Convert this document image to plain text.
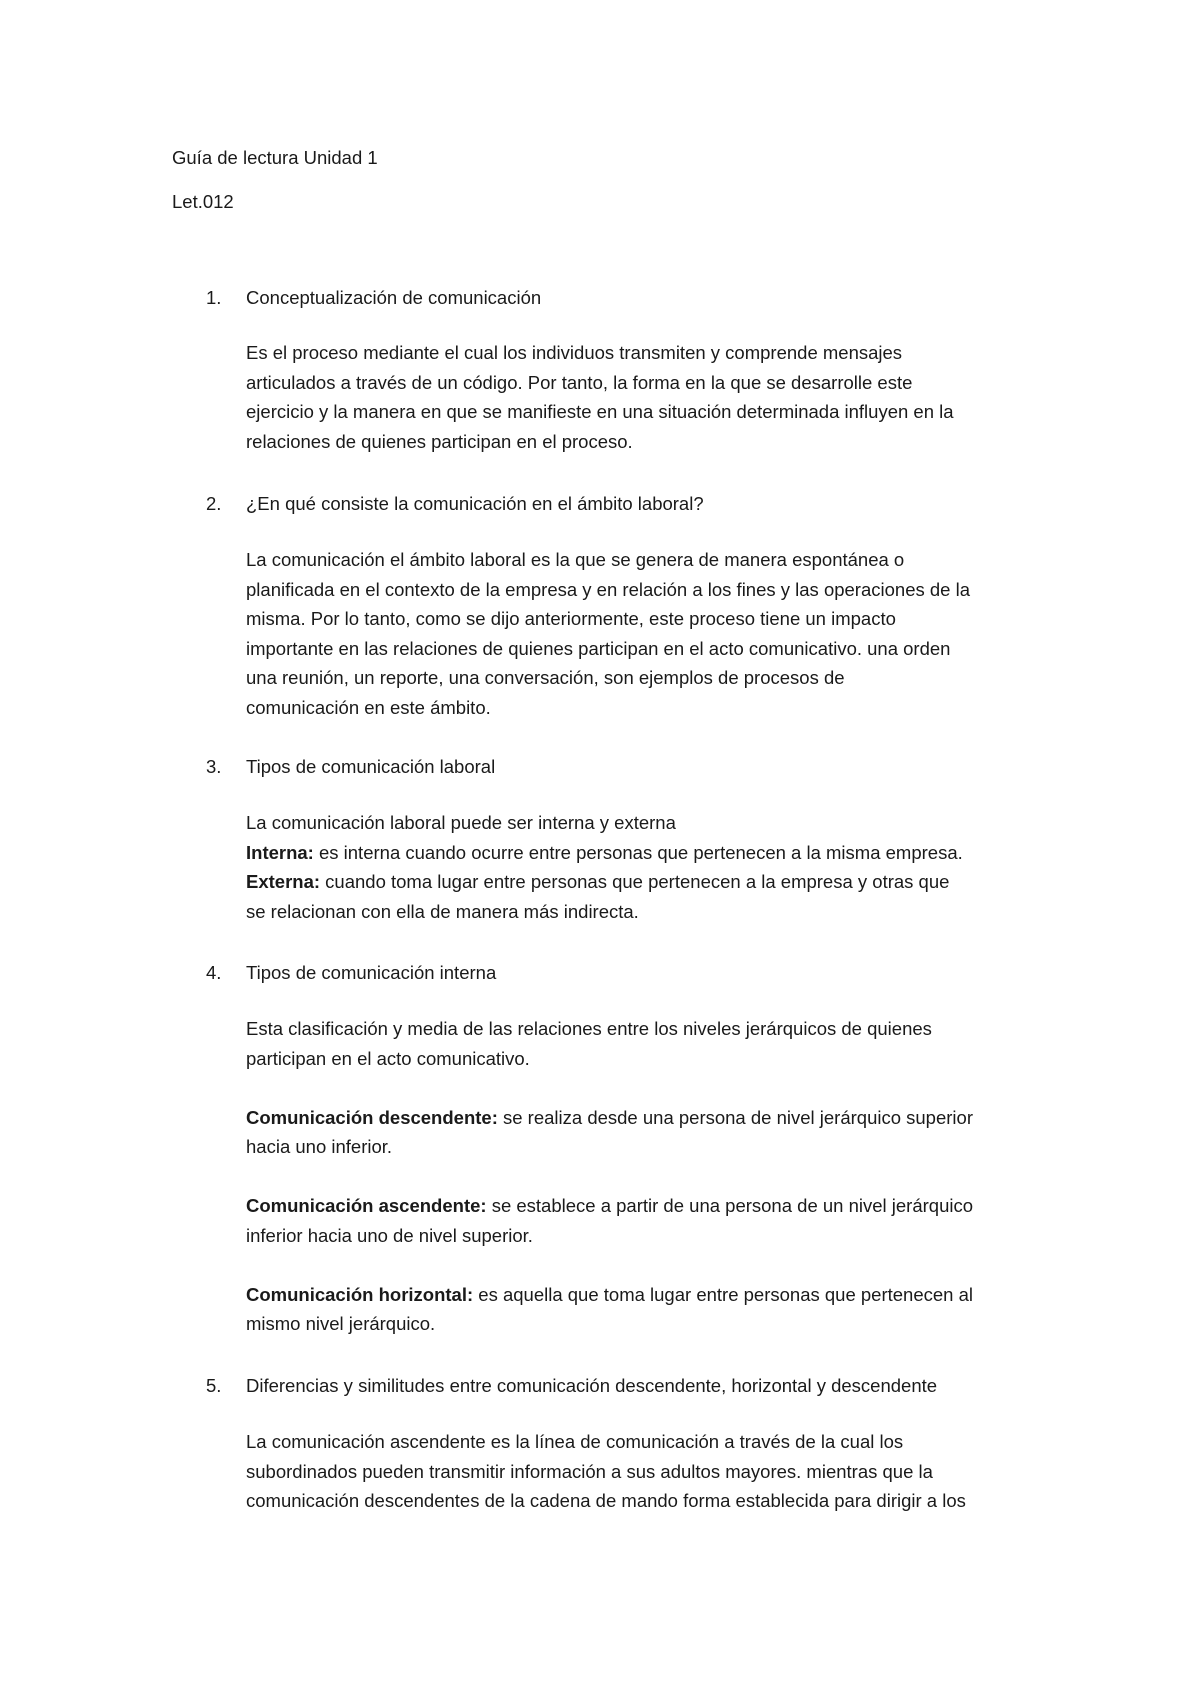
Guía de lectura Unidad 1
Let.012
1. Conceptualización de comunicación

Es el proceso mediante el cual los individuos transmiten y comprende mensajes

articulados a través de un código. Por tanto, la forma en la que se desarrolle este

ejercicio y la manera en que se manifieste en una situación determinada influyen en la

relaciones de quienes participan en el proceso.

2. ¿En qué consiste la comunicación en el ámbito laboral?

La comunicación el ámbito laboral es la que se genera de manera espontánea o

planificada en el contexto de la empresa y en relación a los fines y las operaciones de la

misma. Por lo tanto, como se dijo anteriormente, este proceso tiene un impacto

importante en las relaciones de quienes participan en el acto comunicativo. una orden

una reunión, un reporte, una conversación, son ejemplos de procesos de

comunicación en este ámbito.

3. Tipos de comunicación laboral

La comunicación laboral puede ser interna y externa

Interna: es interna cuando ocurre entre personas que pertenecen a la misma empresa.

Externa: cuando toma lugar entre personas que pertenecen a la empresa y otras que

se relacionan con ella de manera más indirecta.

4. Tipos de comunicación interna

Esta clasificación y media de las relaciones entre los niveles jerárquicos de quienes

participan en el acto comunicativo.

Comunicación descendente: se realiza desde una persona de nivel jerárquico superior

hacia uno inferior.

Comunicación ascendente: se establece a partir de una persona de un nivel jerárquico

inferior hacia uno de nivel superior.

Comunicación horizontal: es aquella que toma lugar entre personas que pertenecen al

mismo nivel jerárquico.

5. Diferencias y similitudes entre comunicación descendente, horizontal y descendente

La comunicación ascendente es la línea de comunicación a través de la cual los

subordinados pueden transmitir información a sus adultos mayores. mientras que la

comunicación descendentes de la cadena de mando forma establecida para dirigir a los
